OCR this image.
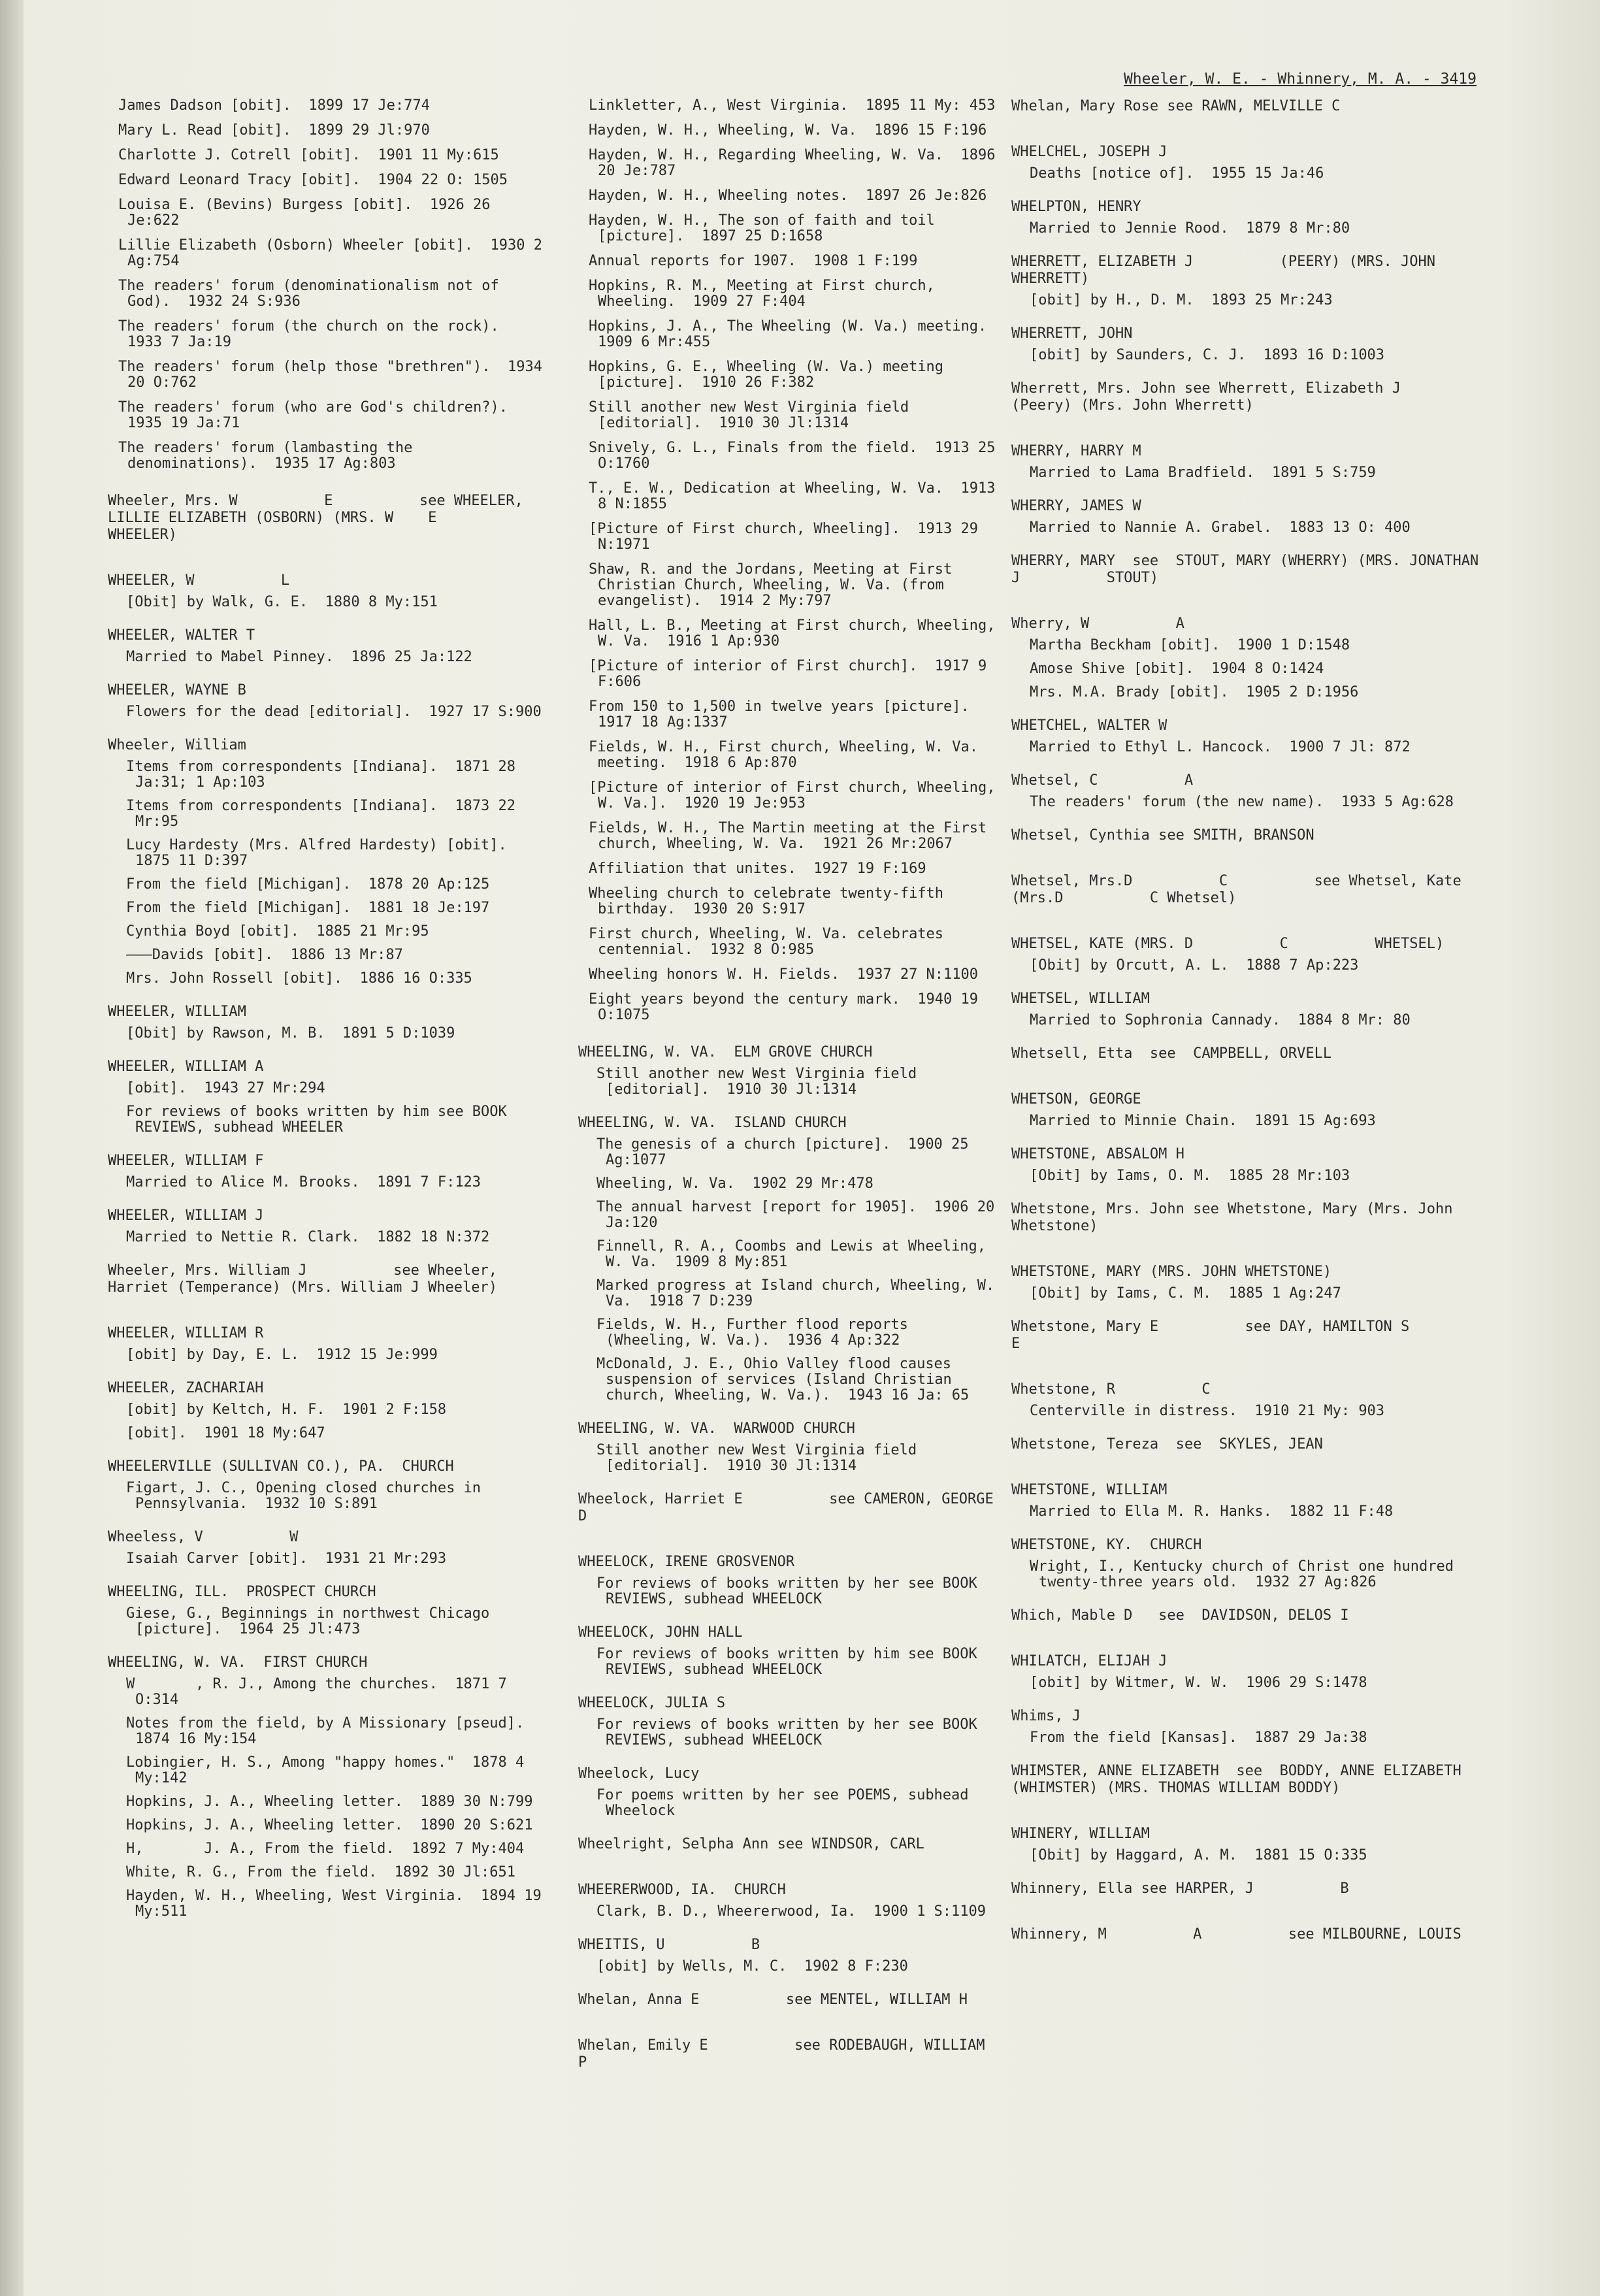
Wheeler, W. E. - Whinnery, M. A. - 3419
James Dadson [obit].  1899 17 Je:774
Mary L. Read [obit].  1899 29 Jl:970
Charlotte J. Cotrell [obit].  1901 11 My:615
Edward Leonard Tracy [obit].  1904 22 O: 1505
Louisa E. (Bevins) Burgess [obit].  1926 26 Je:622
Lillie Elizabeth (Osborn) Wheeler [obit].  1930 2 Ag:754
The readers' forum (denominationalism not of God).  1932 24 S:936
The readers' forum (the church on the rock).  1933 7 Ja:19
The readers' forum (help those "brethren").  1934 20 O:762
The readers' forum (who are God's children?).  1935 19 Ja:71
The readers' forum (lambasting the denominations).  1935 17 Ag:803
Wheeler, Mrs. W          E          see WHEELER, LILLIE ELIZABETH (OSBORN) (MRS. W    E       WHEELER)
WHEELER, W          L
[Obit] by Walk, G. E.  1880 8 My:151
WHEELER, WALTER T
Married to Mabel Pinney.  1896 25 Ja:122
WHEELER, WAYNE B
Flowers for the dead [editorial].  1927 17 S:900
Wheeler, William
Items from correspondents [Indiana].  1871 28 Ja:31; 1 Ap:103
Items from correspondents [Indiana].  1873 22 Mr:95
Lucy Hardesty (Mrs. Alfred Hardesty) [obit].  1875 11 D:397
From the field [Michigan].  1878 20 Ap:125
From the field [Michigan].  1881 18 Je:197
Cynthia Boyd [obit].  1885 21 Mr:95
———Davids [obit].  1886 13 Mr:87
Mrs. John Rossell [obit].  1886 16 O:335
WHEELER, WILLIAM
[Obit] by Rawson, M. B.  1891 5 D:1039
WHEELER, WILLIAM A
[obit].  1943 27 Mr:294
For reviews of books written by him see BOOK REVIEWS, subhead WHEELER
WHEELER, WILLIAM F
Married to Alice M. Brooks.  1891 7 F:123
WHEELER, WILLIAM J
Married to Nettie R. Clark.  1882 18 N:372
Wheeler, Mrs. William J          see Wheeler, Harriet (Temperance) (Mrs. William J Wheeler)
WHEELER, WILLIAM R
[obit] by Day, E. L.  1912 15 Je:999
WHEELER, ZACHARIAH
[obit] by Keltch, H. F.  1901 2 F:158
[obit].  1901 18 My:647
WHEELERVILLE (SULLIVAN CO.), PA.  CHURCH
Figart, J. C., Opening closed churches in Pennsylvania.  1932 10 S:891
Wheeless, V          W
Isaiah Carver [obit].  1931 21 Mr:293
WHEELING, ILL.  PROSPECT CHURCH
Giese, G., Beginnings in northwest Chicago [picture].  1964 25 Jl:473
WHEELING, W. VA.  FIRST CHURCH
W       , R. J., Among the churches.  1871 7 O:314
Notes from the field, by A Missionary [pseud].  1874 16 My:154
Lobingier, H. S., Among "happy homes."  1878 4 My:142
Hopkins, J. A., Wheeling letter.  1889 30 N:799
Hopkins, J. A., Wheeling letter.  1890 20 S:621
H,       J. A., From the field.  1892 7 My:404
White, R. G., From the field.  1892 30 Jl:651
Hayden, W. H., Wheeling, West Virginia.  1894 19 My:511
Linkletter, A., West Virginia.  1895 11 My: 453
Hayden, W. H., Wheeling, W. Va.  1896 15 F:196
Hayden, W. H., Regarding Wheeling, W. Va.  1896 20 Je:787
Hayden, W. H., Wheeling notes.  1897 26 Je:826
Hayden, W. H., The son of faith and toil [picture].  1897 25 D:1658
Annual reports for 1907.  1908 1 F:199
Hopkins, R. M., Meeting at First church, Wheeling.  1909 27 F:404
Hopkins, J. A., The Wheeling (W. Va.) meeting.  1909 6 Mr:455
Hopkins, G. E., Wheeling (W. Va.) meeting [picture].  1910 26 F:382
Still another new West Virginia field [editorial].  1910 30 Jl:1314
Snively, G. L., Finals from the field.  1913 25 O:1760
T., E. W., Dedication at Wheeling, W. Va.  1913 8 N:1855
[Picture of First church, Wheeling].  1913 29 N:1971
Shaw, R. and the Jordans, Meeting at First Christian Church, Wheeling, W. Va. (from evangelist).  1914 2 My:797
Hall, L. B., Meeting at First church, Wheeling, W. Va.  1916 1 Ap:930
[Picture of interior of First church].  1917 9 F:606
From 150 to 1,500 in twelve years [picture].  1917 18 Ag:1337
Fields, W. H., First church, Wheeling, W. Va. meeting.  1918 6 Ap:870
[Picture of interior of First church, Wheeling, W. Va.].  1920 19 Je:953
Fields, W. H., The Martin meeting at the First church, Wheeling, W. Va.  1921 26 Mr:2067
Affiliation that unites.  1927 19 F:169
Wheeling church to celebrate twenty-fifth birthday.  1930 20 S:917
First church, Wheeling, W. Va. celebrates centennial.  1932 8 O:985
Wheeling honors W. H. Fields.  1937 27 N:1100
Eight years beyond the century mark.  1940 19 O:1075
WHEELING, W. VA.  ELM GROVE CHURCH
Still another new West Virginia field [editorial].  1910 30 Jl:1314
WHEELING, W. VA.  ISLAND CHURCH
The genesis of a church [picture].  1900 25 Ag:1077
Wheeling, W. Va.  1902 29 Mr:478
The annual harvest [report for 1905].  1906 20 Ja:120
Finnell, R. A., Coombs and Lewis at Wheeling, W. Va.  1909 8 My:851
Marked progress at Island church, Wheeling, W. Va.  1918 7 D:239
Fields, W. H., Further flood reports (Wheeling, W. Va.).  1936 4 Ap:322
McDonald, J. E., Ohio Valley flood causes suspension of services (Island Christian church, Wheeling, W. Va.).  1943 16 Ja: 65
WHEELING, W. VA.  WARWOOD CHURCH
Still another new West Virginia field [editorial].  1910 30 Jl:1314
Wheelock, Harriet E          see CAMERON, GEORGE D
WHEELOCK, IRENE GROSVENOR
For reviews of books written by her see BOOK REVIEWS, subhead WHEELOCK
WHEELOCK, JOHN HALL
For reviews of books written by him see BOOK REVIEWS, subhead WHEELOCK
WHEELOCK, JULIA S
For reviews of books written by her see BOOK REVIEWS, subhead WHEELOCK
Wheelock, Lucy
For poems written by her see POEMS, subhead Wheelock
Wheelright, Selpha Ann see WINDSOR, CARL
WHEERERWOOD, IA.  CHURCH
Clark, B. D., Wheererwood, Ia.  1900 1 S:1109
WHEITIS, U          B
[obit] by Wells, M. C.  1902 8 F:230
Whelan, Anna E          see MENTEL, WILLIAM H
Whelan, Emily E          see RODEBAUGH, WILLIAM P
Whelan, Mary Rose see RAWN, MELVILLE C
WHELCHEL, JOSEPH J
Deaths [notice of].  1955 15 Ja:46
WHELPTON, HENRY
Married to Jennie Rood.  1879 8 Mr:80
WHERRETT, ELIZABETH J          (PEERY) (MRS. JOHN WHERRETT)
[obit] by H., D. M.  1893 25 Mr:243
WHERRETT, JOHN
[obit] by Saunders, C. J.  1893 16 D:1003
Wherrett, Mrs. John see Wherrett, Elizabeth J          (Peery) (Mrs. John Wherrett)
WHERRY, HARRY M
Married to Lama Bradfield.  1891 5 S:759
WHERRY, JAMES W
Married to Nannie A. Grabel.  1883 13 O: 400
WHERRY, MARY  see  STOUT, MARY (WHERRY) (MRS. JONATHAN J          STOUT)
Wherry, W          A
Martha Beckham [obit].  1900 1 D:1548
Amose Shive [obit].  1904 8 O:1424
Mrs. M.A. Brady [obit].  1905 2 D:1956
WHETCHEL, WALTER W
Married to Ethyl L. Hancock.  1900 7 Jl: 872
Whetsel, C          A
The readers' forum (the new name).  1933 5 Ag:628
Whetsel, Cynthia see SMITH, BRANSON
Whetsel, Mrs.D          C          see Whetsel, Kate (Mrs.D          C Whetsel)
WHETSEL, KATE (MRS. D          C          WHETSEL)
[Obit] by Orcutt, A. L.  1888 7 Ap:223
WHETSEL, WILLIAM
Married to Sophronia Cannady.  1884 8 Mr: 80
Whetsell, Etta  see  CAMPBELL, ORVELL
WHETSON, GEORGE
Married to Minnie Chain.  1891 15 Ag:693
WHETSTONE, ABSALOM H
[Obit] by Iams, O. M.  1885 28 Mr:103
Whetstone, Mrs. John see Whetstone, Mary (Mrs. John Whetstone)
WHETSTONE, MARY (MRS. JOHN WHETSTONE)
[Obit] by Iams, C. M.  1885 1 Ag:247
Whetstone, Mary E          see DAY, HAMILTON S          E
Whetstone, R          C
Centerville in distress.  1910 21 My: 903
Whetstone, Tereza  see  SKYLES, JEAN
WHETSTONE, WILLIAM
Married to Ella M. R. Hanks.  1882 11 F:48
WHETSTONE, KY.  CHURCH
Wright, I., Kentucky church of Christ one hundred twenty-three years old.  1932 27 Ag:826
Which, Mable D   see  DAVIDSON, DELOS I
WHILATCH, ELIJAH J
[obit] by Witmer, W. W.  1906 29 S:1478
Whims, J
From the field [Kansas].  1887 29 Ja:38
WHIMSTER, ANNE ELIZABETH  see  BODDY, ANNE ELIZABETH (WHIMSTER) (MRS. THOMAS WILLIAM BODDY)
WHINERY, WILLIAM
[Obit] by Haggard, A. M.  1881 15 O:335
Whinnery, Ella see HARPER, J          B
Whinnery, M          A          see MILBOURNE, LOUIS
